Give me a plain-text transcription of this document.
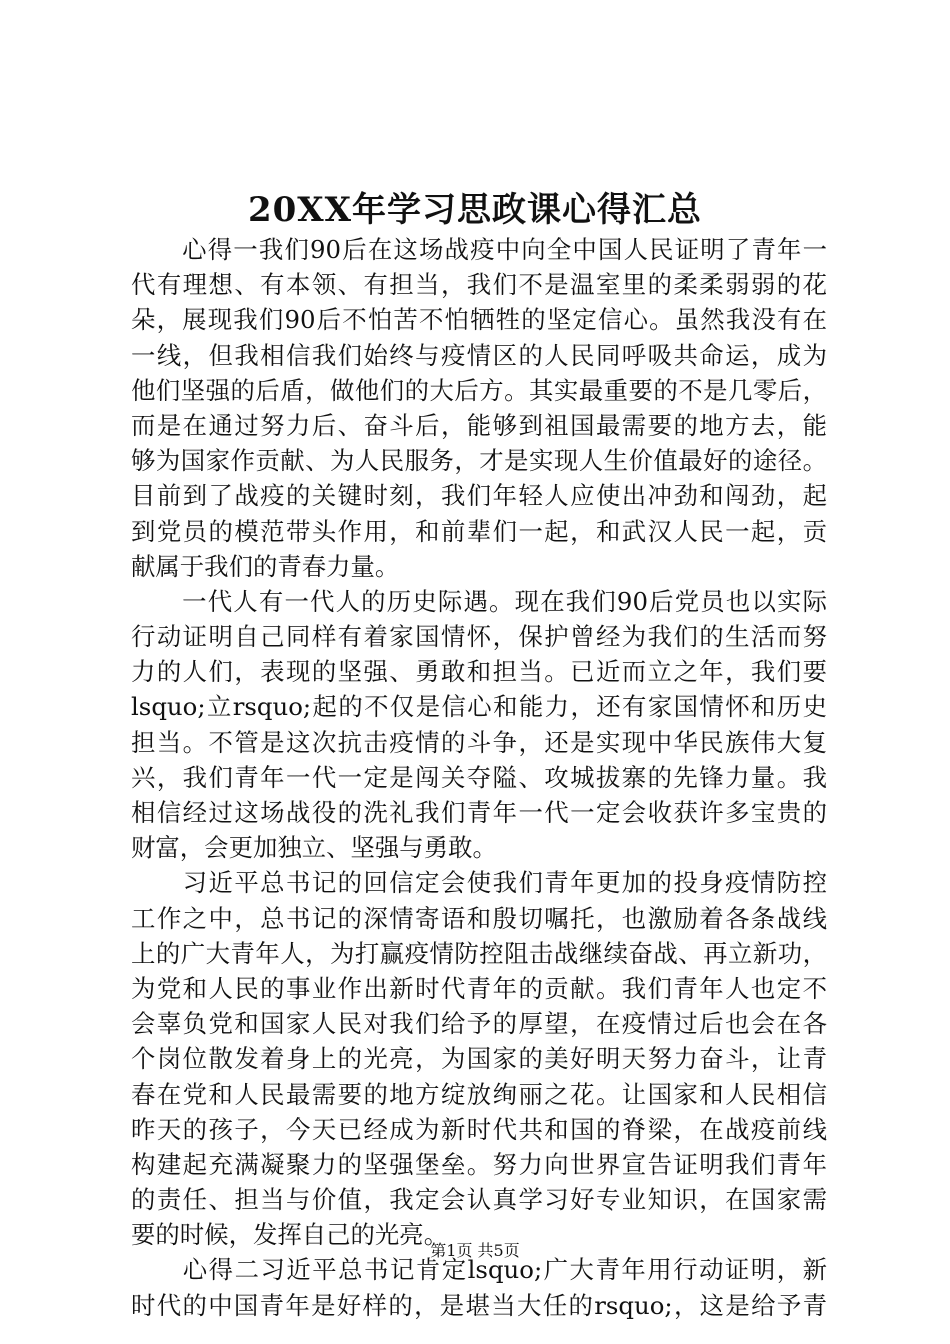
20XX年学习思政课心得汇总
　　心得一我们90后在这场战疫中向全中国人民证明了青年一
代有理想、有本领、有担当，我们不是温室里的柔柔弱弱的花
朵，展现我们90后不怕苦不怕牺牲的坚定信心。虽然我没有在
一线，但我相信我们始终与疫情区的人民同呼吸共命运，成为
他们坚强的后盾，做他们的大后方。其实最重要的不是几零后，
而是在通过努力后、奋斗后，能够到祖国最需要的地方去，能
够为国家作贡献、为人民服务，才是实现人生价值最好的途径。
目前到了战疫的关键时刻，我们年轻人应使出冲劲和闯劲，起
到党员的模范带头作用，和前辈们一起，和武汉人民一起，贡
献属于我们的青春力量。
　　一代人有一代人的历史际遇。现在我们90后党员也以实际
行动证明自己同样有着家国情怀，保护曾经为我们的生活而努
力的人们，表现的坚强、勇敢和担当。已近而立之年，我们要
lsquo;立rsquo;起的不仅是信心和能力，还有家国情怀和历史
担当。不管是这次抗击疫情的斗争，还是实现中华民族伟大复
兴，我们青年一代一定是闯关夺隘、攻城拔寨的先锋力量。我
相信经过这场战役的洗礼我们青年一代一定会收获许多宝贵的
财富，会更加独立、坚强与勇敢。
　　习近平总书记的回信定会使我们青年更加的投身疫情防控
工作之中，总书记的深情寄语和殷切嘱托，也激励着各条战线
上的广大青年人，为打赢疫情防控阻击战继续奋战、再立新功，
为党和人民的事业作出新时代青年的贡献。我们青年人也定不
会辜负党和国家人民对我们给予的厚望，在疫情过后也会在各
个岗位散发着身上的光亮，为国家的美好明天努力奋斗，让青
春在党和人民最需要的地方绽放绚丽之花。让国家和人民相信
昨天的孩子，今天已经成为新时代共和国的脊梁，在战疫前线
构建起充满凝聚力的坚强堡垒。努力向世界宣告证明我们青年
的责任、担当与价值，我定会认真学习好专业知识，在国家需
要的时候，发挥自己的光亮。
　　心得二习近平总书记肯定lsquo;广大青年用行动证明，新
时代的中国青年是好样的，是堪当大任的rsquo;，这是给予青
第1页 共5页
